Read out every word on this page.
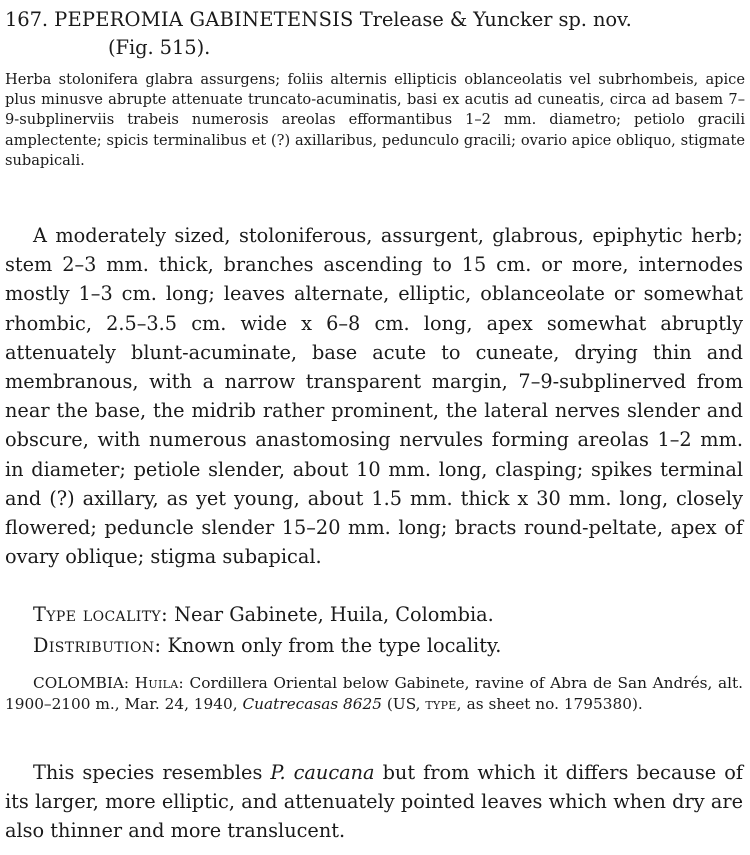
167. PEPEROMIA GABINETENSIS Trelease & Yuncker sp. nov.
(Fig. 515).
Herba stolonifera glabra assurgens; foliis alternis ellipticis oblanceolatis vel subrhombeis, apice plus minusve abrupte attenuate truncato-acuminatis, basi ex acutis ad cuneatis, circa ad basem 7–9-subplinerviis trabeis numerosis areolas efformantibus 1–2 mm. diametro; petiolo gracili amplectente; spicis terminalibus et (?) axillaribus, pedunculo gracili; ovario apice obliquo, stigmate subapicali.
A moderately sized, stoloniferous, assurgent, glabrous, epiphytic herb; stem 2–3 mm. thick, branches ascending to 15 cm. or more, internodes mostly 1–3 cm. long; leaves alternate, elliptic, oblanceolate or somewhat rhombic, 2.5–3.5 cm. wide x 6–8 cm. long, apex somewhat abruptly attenuately blunt-acuminate, base acute to cuneate, drying thin and membranous, with a narrow transparent margin, 7–9-subplinerved from near the base, the midrib rather prominent, the lateral nerves slender and obscure, with numerous anastomosing nervules forming areolas 1–2 mm. in diameter; petiole slender, about 10 mm. long, clasping; spikes terminal and (?) axillary, as yet young, about 1.5 mm. thick x 30 mm. long, closely flowered; peduncle slender 15–20 mm. long; bracts round-peltate, apex of ovary oblique; stigma subapical.
Type locality: Near Gabinete, Huila, Colombia.
Distribution: Known only from the type locality.
COLOMBIA: Huila: Cordillera Oriental below Gabinete, ravine of Abra de San Andrés, alt. 1900–2100 m., Mar. 24, 1940, Cuatrecasas 8625 (US, type, as sheet no. 1795380).
This species resembles P. caucana but from which it differs because of its larger, more elliptic, and attenuately pointed leaves which when dry are also thinner and more translucent.
